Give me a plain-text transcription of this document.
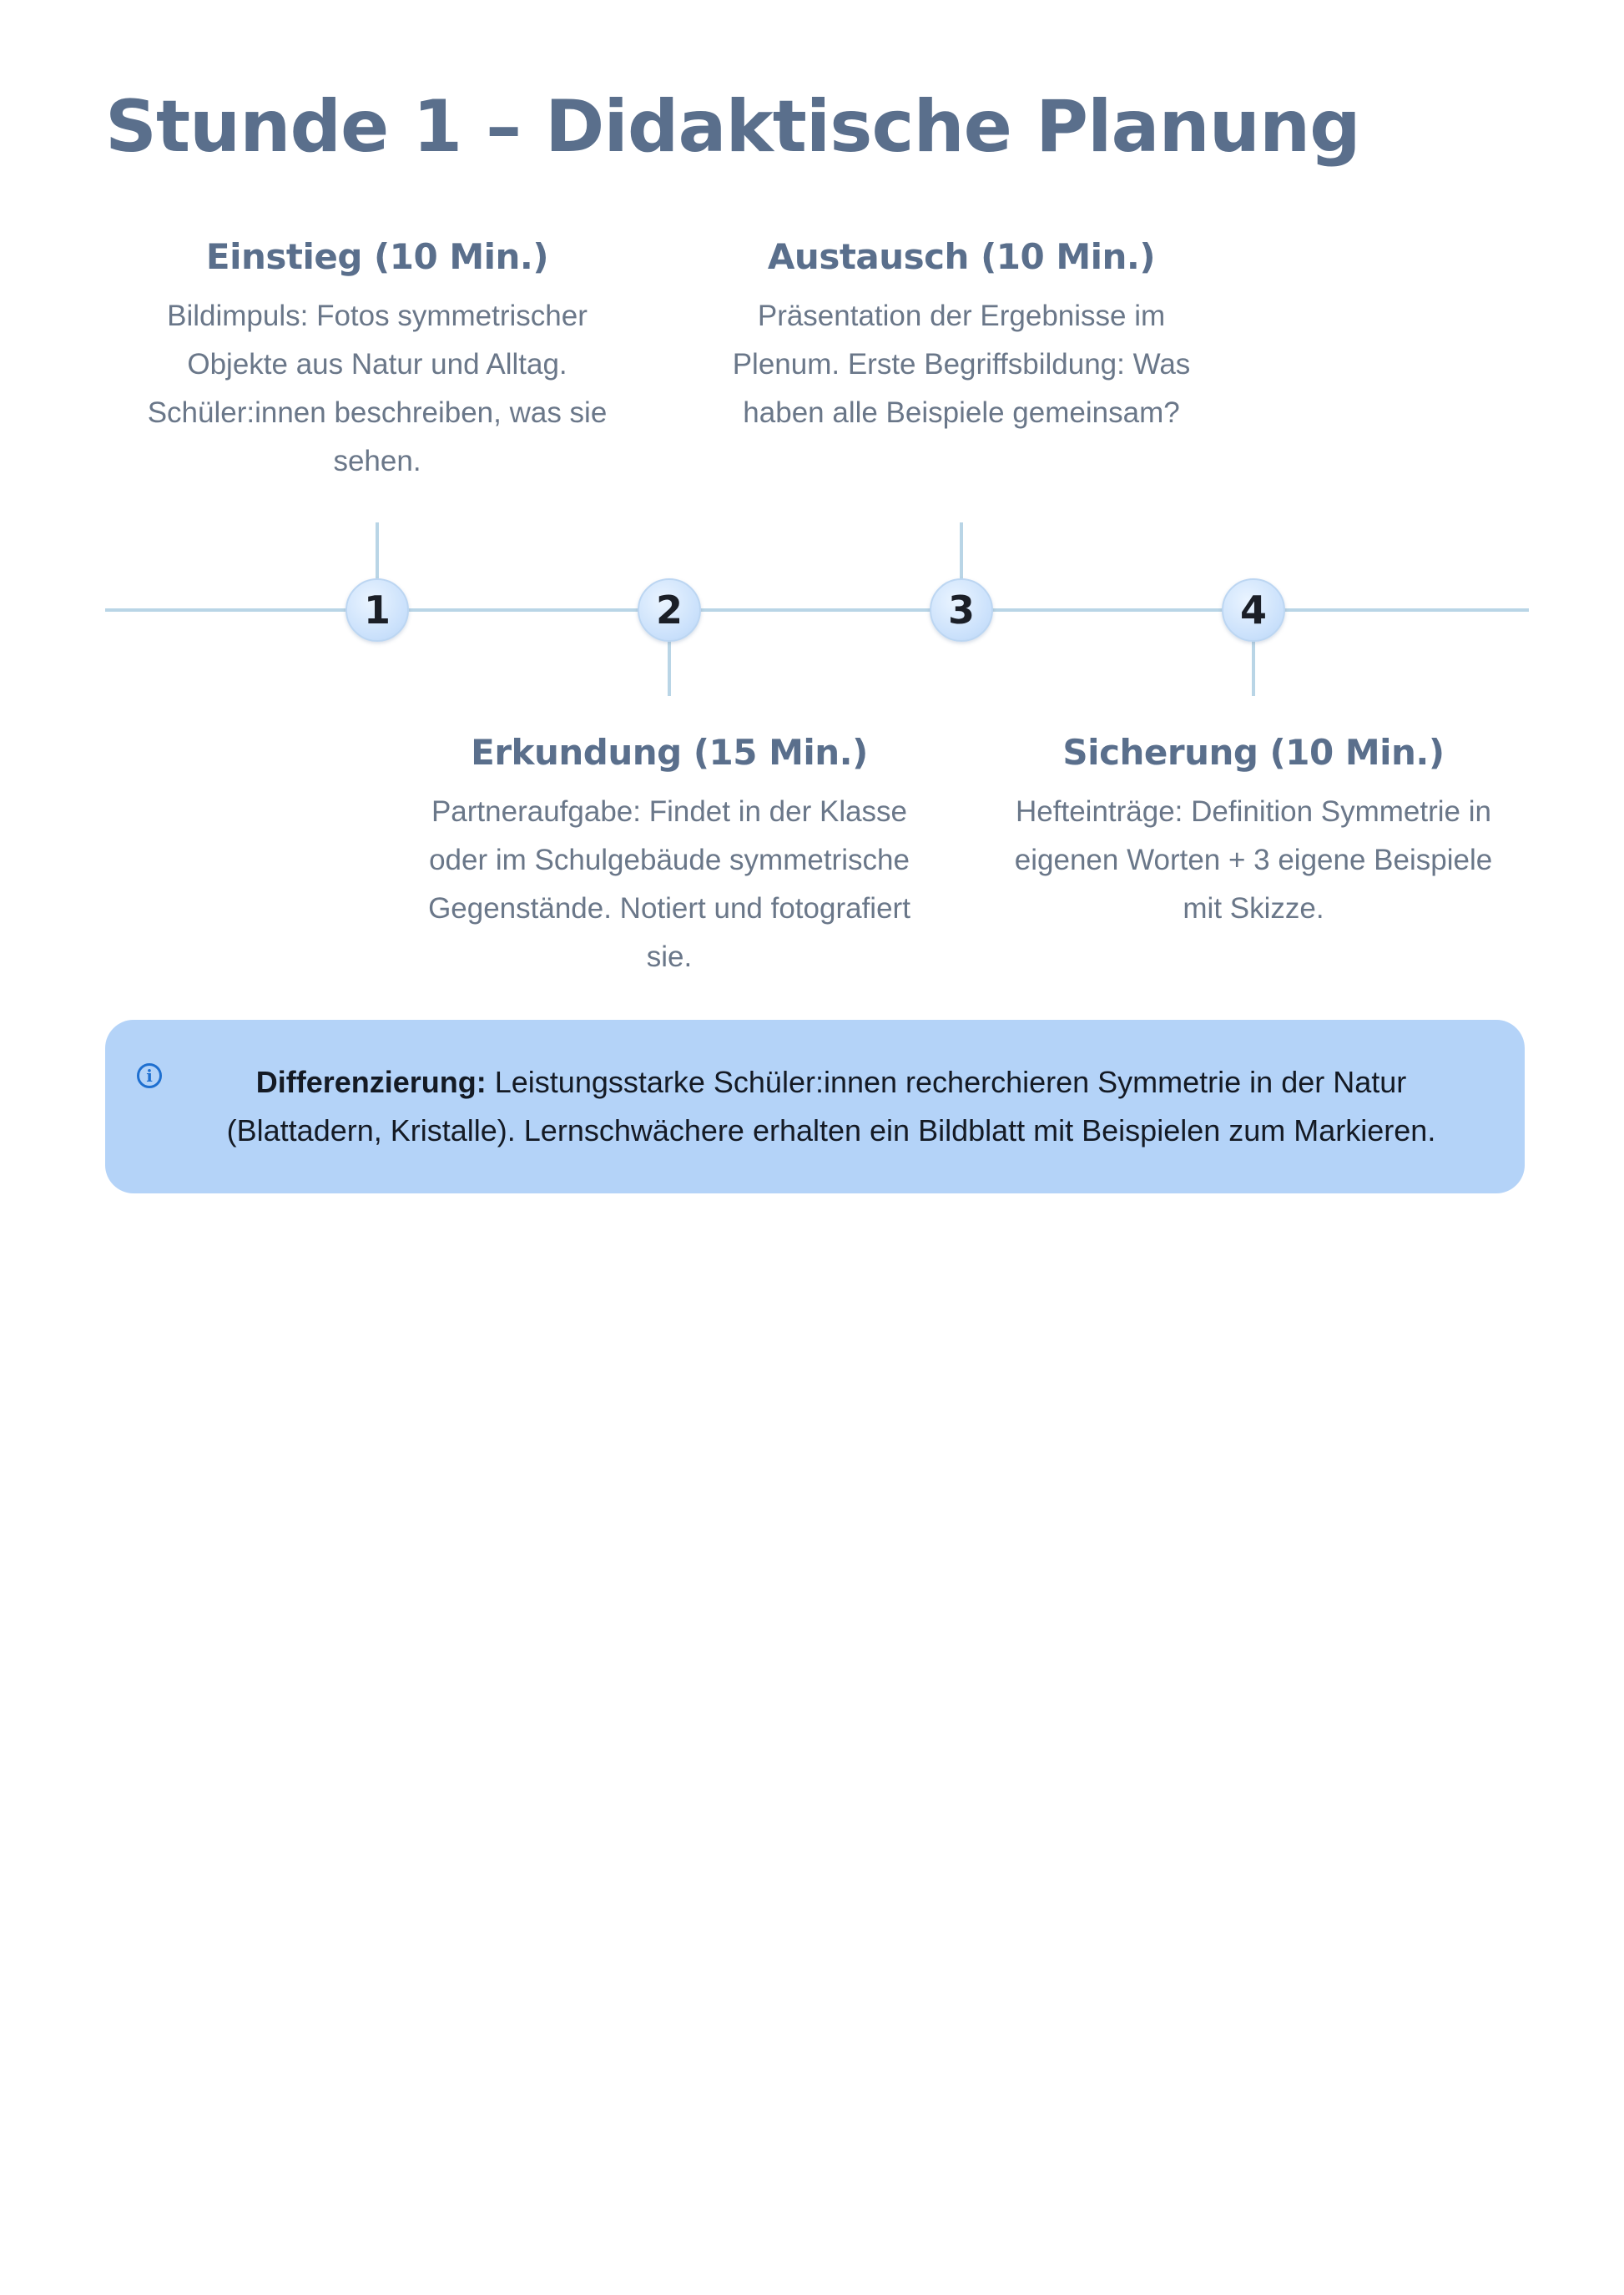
Stunde 1 – Didaktische Planung
1	2	3	4
Einstieg (10 Min.)

Bildimpuls: Fotos symmetrischer Objekte aus Natur und Alltag. Schüler:innen beschreiben, was sie sehen.

Austausch (10 Min.)

Präsentation der Ergebnisse im Plenum. Erste Begriffsbildung: Was haben alle Beispiele gemeinsam?

Erkundung (15 Min.)

Partneraufgabe: Findet in der Klasse oder im Schulgebäude symmetrische Gegenstände. Notiert und fotografiert sie.

Sicherung (10 Min.)

Hefteinträge: Definition Symmetrie in eigenen Worten + 3 eigene Beispiele mit Skizze.

i	Differenzierung: Leistungsstarke Schüler:innen recherchieren Symmetrie in der Natur (Blattadern, Kristalle). Lernschwächere erhalten ein Bildblatt mit Beispielen zum Markieren.
